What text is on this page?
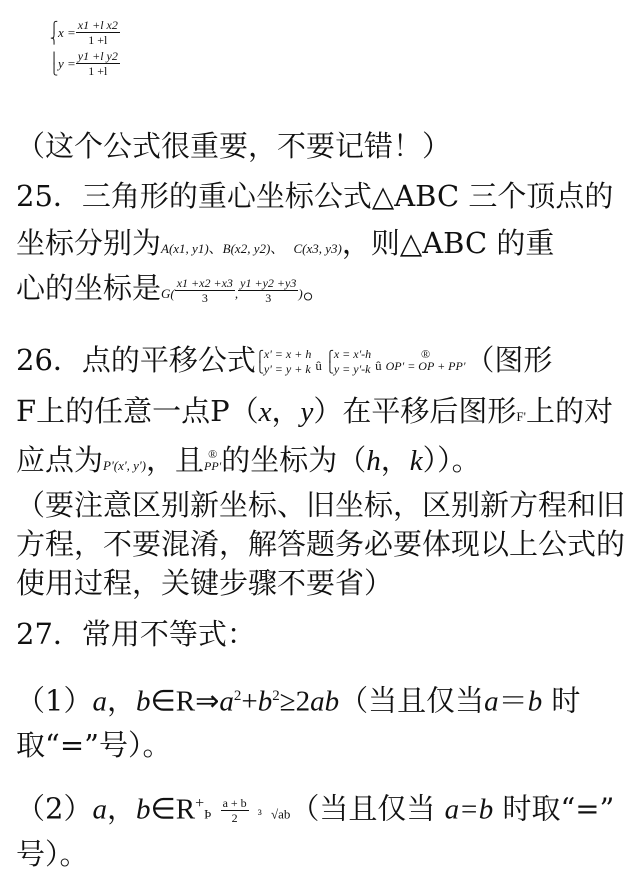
⎧
⎨ $x = \frac{\text{x1 +l x2}}{1 +l}$
⎪
⎩ $y = \frac{\text{y1 +l y2}}{1 +l}$
（这个公式很重要，不要记错！）
25．三角形的重心坐标公式△ABC 三个顶点的
坐标分别为A(x1, y1)、B(x2, y2)、 C(x3, y3)，则△ABC 的重
心的坐标是$G( \frac{x1 +x2 +x3}{3}$ , $\frac{y1 +y2 +y3}{3}$ )。
26．点的平移公式⎧
⎩
x' = x + h
y' = y + k û⎧
⎩
x = x'-h
y = y'-k û
®
OP' = OP + PP'（图形
F上的任意一点P（x，y）在平移后图形F'上的对
应点为P'(x', y')，且 ®
PP'的坐标为（h，k））。
（要注意区别新坐标、旧坐标，区别新方程和旧
方程，不要混淆，解答题务必要体现以上公式的
使用过程，关键步骤不要省）
27．常用不等式：
（1）a，$b\in R\Rightarrow a^2+b^2\ge 2ab$（当且仅当a＝b 时
取“=”号）。
（2）a，b∈R+Þ $\frac{a + b}{2} ^3$ √ab（当且仅当 a=b 时取“=”
号）。
